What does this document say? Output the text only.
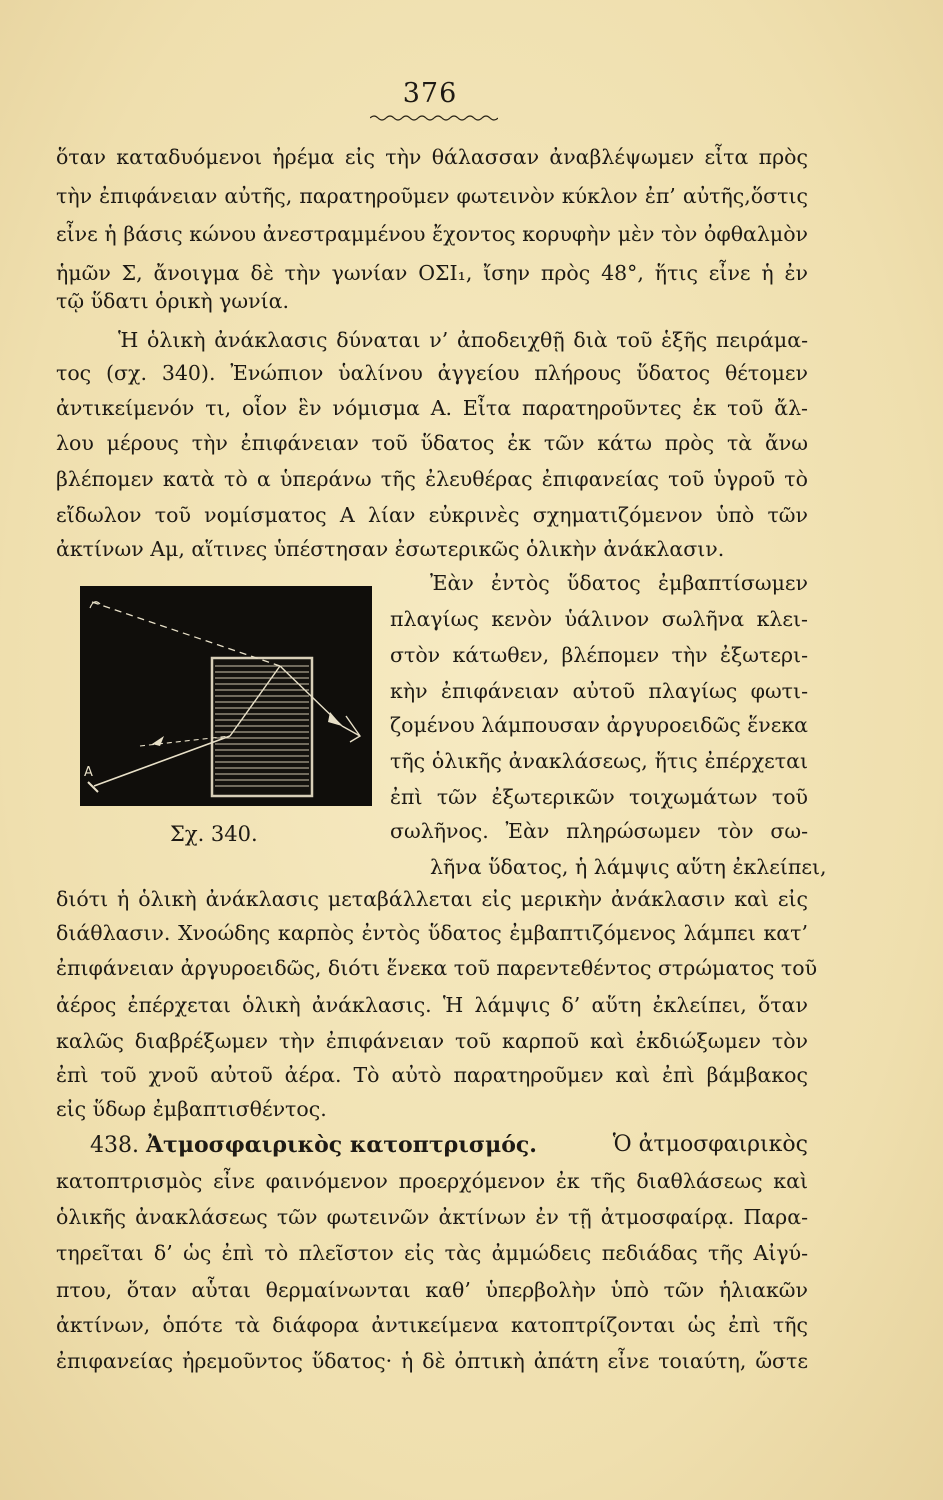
376
ὅταν καταδυόμενοι ἠρέμα εἰς τὴν θάλασσαν ἀναβλέψωμεν εἶτα πρὸς
τὴν ἐπιφάνειαν αὐτῆς, παρατηροῦμεν φωτεινὸν κύκλον ἐπ’ αὐτῆς,ὅστις
εἶνε ἡ βάσις κώνου ἀνεστραμμένου ἔχοντος κορυφὴν μὲν τὸν ὀφθαλμὸν
ἡμῶν Σ, ἄνοιγμα δὲ τὴν γωνίαν ΟΣΙ₁, ἴσην πρὸς 48°, ἥτις εἶνε ἡ ἐν
τῷ ὕδατι ὁρικὴ γωνία.
Ἡ ὁλικὴ ἀνάκλασις δύναται ν’ ἀποδειχθῇ διὰ τοῦ ἑξῆς πειράμα-
τος (σχ. 340). Ἐνώπιον ὑαλίνου ἀγγείου πλήρους ὕδατος θέτομεν
ἀντικείμενόν τι, οἷον ἓν νόμισμα Α. Εἶτα παρατηροῦντες ἐκ τοῦ ἄλ-
λου μέρους τὴν ἐπιφάνειαν τοῦ ὕδατος ἐκ τῶν κάτω πρὸς τὰ ἄνω
βλέπομεν κατὰ τὸ α ὑπεράνω τῆς ἐλευθέρας ἐπιφανείας τοῦ ὑγροῦ τὸ
εἴδωλον τοῦ νομίσματος Α λίαν εὐκρινὲς σχηματιζόμενον ὑπὸ τῶν
ἀκτίνων Αμ, αἵτινες ὑπέστησαν ἐσωτερικῶς ὁλικὴν ἀνάκλασιν.
Α
Ἐὰν ἐντὸς ὕδατος ἐμβαπτίσωμεν
πλαγίως κενὸν ὑάλινον σωλῆνα κλει-
στὸν κάτωθεν, βλέπομεν τὴν ἐξωτερι-
κὴν ἐπιφάνειαν αὐτοῦ πλαγίως φωτι-
ζομένου λάμπουσαν ἀργυροειδῶς ἕνεκα
τῆς ὁλικῆς ἀνακλάσεως, ἥτις ἐπέρχεται
ἐπὶ τῶν ἐξωτερικῶν τοιχωμάτων τοῦ
σωλῆνος. Ἐὰν πληρώσωμεν τὸν σω-
λῆνα ὕδατος, ἡ λάμψις αὕτη ἐκλείπει,
Σχ. 340.
διότι ἡ ὁλικὴ ἀνάκλασις μεταβάλλεται εἰς μερικὴν ἀνάκλασιν καὶ εἰς
διάθλασιν. Χνοώδης καρπὸς ἐντὸς ὕδατος ἐμβαπτιζόμενος λάμπει κατ’
ἐπιφάνειαν ἀργυροειδῶς, διότι ἕνεκα τοῦ παρεντεθέντος στρώματος τοῦ
ἀέρος ἐπέρχεται ὁλικὴ ἀνάκλασις. Ἡ λάμψις δ’ αὕτη ἐκλείπει, ὅταν
καλῶς διαβρέξωμεν τὴν ἐπιφάνειαν τοῦ καρποῦ καὶ ἐκδιώξωμεν τὸν
ἐπὶ τοῦ χνοῦ αὐτοῦ ἀέρα. Τὸ αὐτὸ παρατηροῦμεν καὶ ἐπὶ βάμβακος
εἰς ὕδωρ ἐμβαπτισθέντος.
438. Ἀτμοσφαιρικὸς κατοπτρισμός.	Ὁ ἀτμοσφαιρικὸς
κατοπτρισμὸς εἶνε φαινόμενον προερχόμενον ἐκ τῆς διαθλάσεως καὶ
ὁλικῆς ἀνακλάσεως τῶν φωτεινῶν ἀκτίνων ἐν τῇ ἀτμοσφαίρᾳ. Παρα-
τηρεῖται δ’ ὡς ἐπὶ τὸ πλεῖστον εἰς τὰς ἀμμώδεις πεδιάδας τῆς Αἰγύ-
πτου, ὅταν αὗται θερμαίνωνται καθ’ ὑπερβολὴν ὑπὸ τῶν ἡλιακῶν
ἀκτίνων, ὁπότε τὰ διάφορα ἀντικείμενα κατοπτρίζονται ὡς ἐπὶ τῆς
ἐπιφανείας ἠρεμοῦντος ὕδατος· ἡ δὲ ὀπτικὴ ἀπάτη εἶνε τοιαύτη, ὥστε
